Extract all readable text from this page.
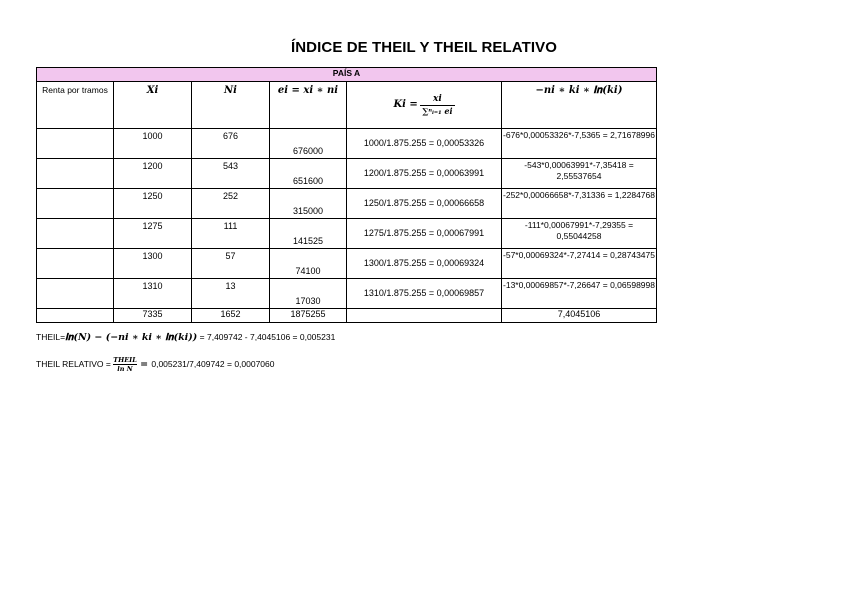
ÍNDICE DE THEIL Y THEIL RELATIVO
PAÍS A					
Renta por tramos	𝑿𝒊	𝑵𝒊	𝒆𝒊 = 𝒙𝒊 ∗ 𝒏𝒊	𝑲𝒊 = $\frac{\text{𝒙𝒊}}{\text{∑ⁿᵢ₌₁ 𝒆𝒊}}$	−𝒏𝒊 ∗ 𝒌𝒊 ∗ 𝐥𝐧(𝒌𝒊)

	1000	676	676000	1000/1.875.255 = 0,00053326	-676*0,00053326*-7,5365 = 2,71678996
	1200	543	651600	1200/1.875.255 = 0,00063991	-543*0,00063991*-7,35418 = 2,55537654
	1250	252	315000	1250/1.875.255 = 0,00066658	-252*0,00066658*-7,31336 = 1,2284768
	1275	111	141525	1275/1.875.255 = 0,00067991	-111*0,00067991*-7,29355 = 0,55044258
	1300	57	74100	1300/1.875.255 = 0,00069324	-57*0,00069324*-7,27414 = 0,28743475
	1310	13	17030	1310/1.875.255 = 0,00069857	-13*0,00069857*-7,26647 = 0,06598998
	7335	1652	1875255		7,4045106
THEIL=𝐥𝐧(𝑵) − (−𝒏𝒊 ∗ 𝒌𝒊 ∗ 𝐥𝐧(𝒌𝒊)) = 7,409742 - 7,4045106 = 0,005231
THEIL RELATIVO = THEIL
ln N = 0,005231/7,409742 = 0,0007060
